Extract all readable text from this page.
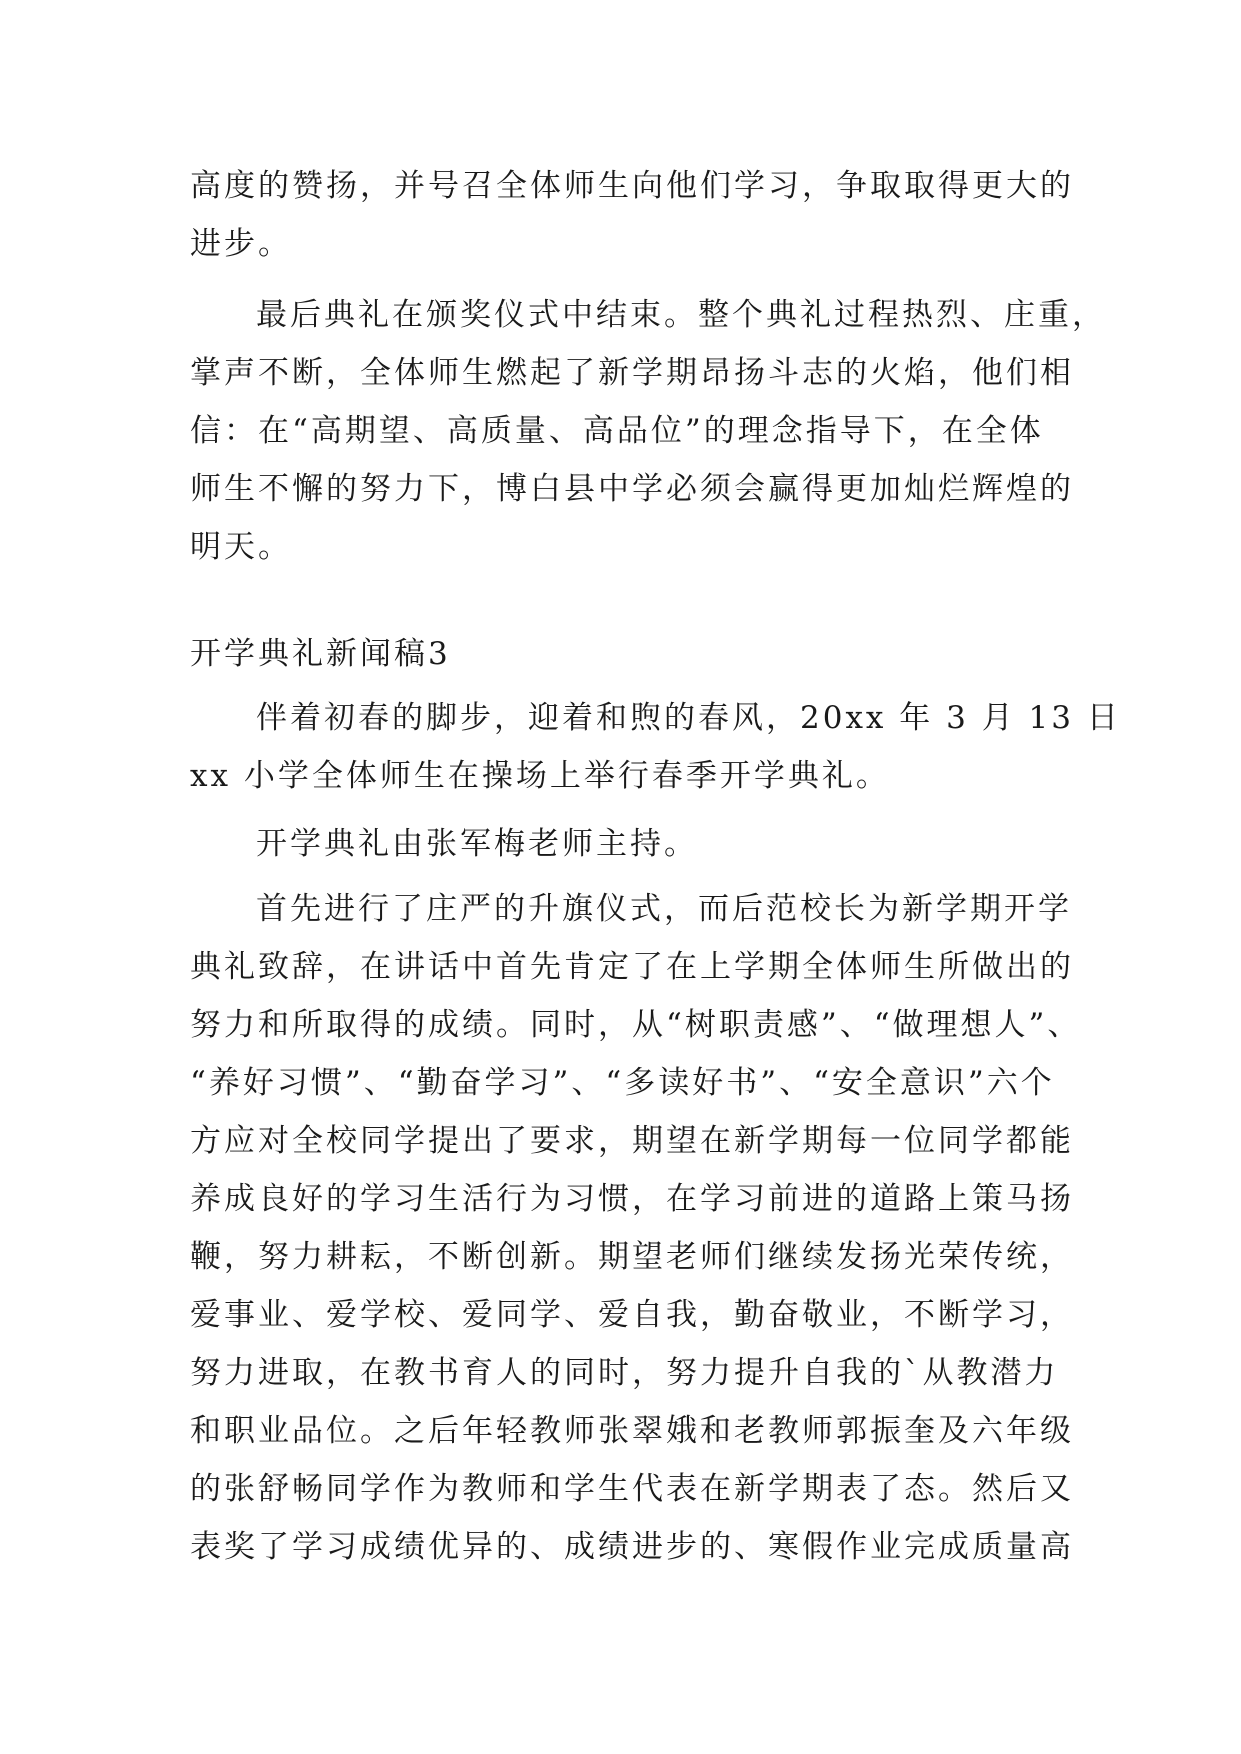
高度的赞扬，并号召全体师生向他们学习，争取取得更大的
进步。
最后典礼在颁奖仪式中结束。整个典礼过程热烈、庄重，
掌声不断，全体师生燃起了新学期昂扬斗志的火焰，他们相
信：在“高期望、高质量、高品位”的理念指导下，在全体
师生不懈的努力下，博白县中学必须会赢得更加灿烂辉煌的
明天。
开学典礼新闻稿3
伴着初春的脚步，迎着和煦的春风，20xx 年 3 月 13 日
xx 小学全体师生在操场上举行春季开学典礼。
开学典礼由张军梅老师主持。
首先进行了庄严的升旗仪式，而后范校长为新学期开学
典礼致辞，在讲话中首先肯定了在上学期全体师生所做出的
努力和所取得的成绩。同时，从“树职责感”、“做理想人”、
“养好习惯”、“勤奋学习”、“多读好书”、“安全意识”六个
方应对全校同学提出了要求，期望在新学期每一位同学都能
养成良好的学习生活行为习惯，在学习前进的道路上策马扬
鞭，努力耕耘，不断创新。期望老师们继续发扬光荣传统，
爱事业、爱学校、爱同学、爱自我，勤奋敬业，不断学习，
努力进取，在教书育人的同时，努力提升自我的`从教潜力
和职业品位。之后年轻教师张翠娥和老教师郭振奎及六年级
的张舒畅同学作为教师和学生代表在新学期表了态。然后又
表奖了学习成绩优异的、成绩进步的、寒假作业完成质量高
